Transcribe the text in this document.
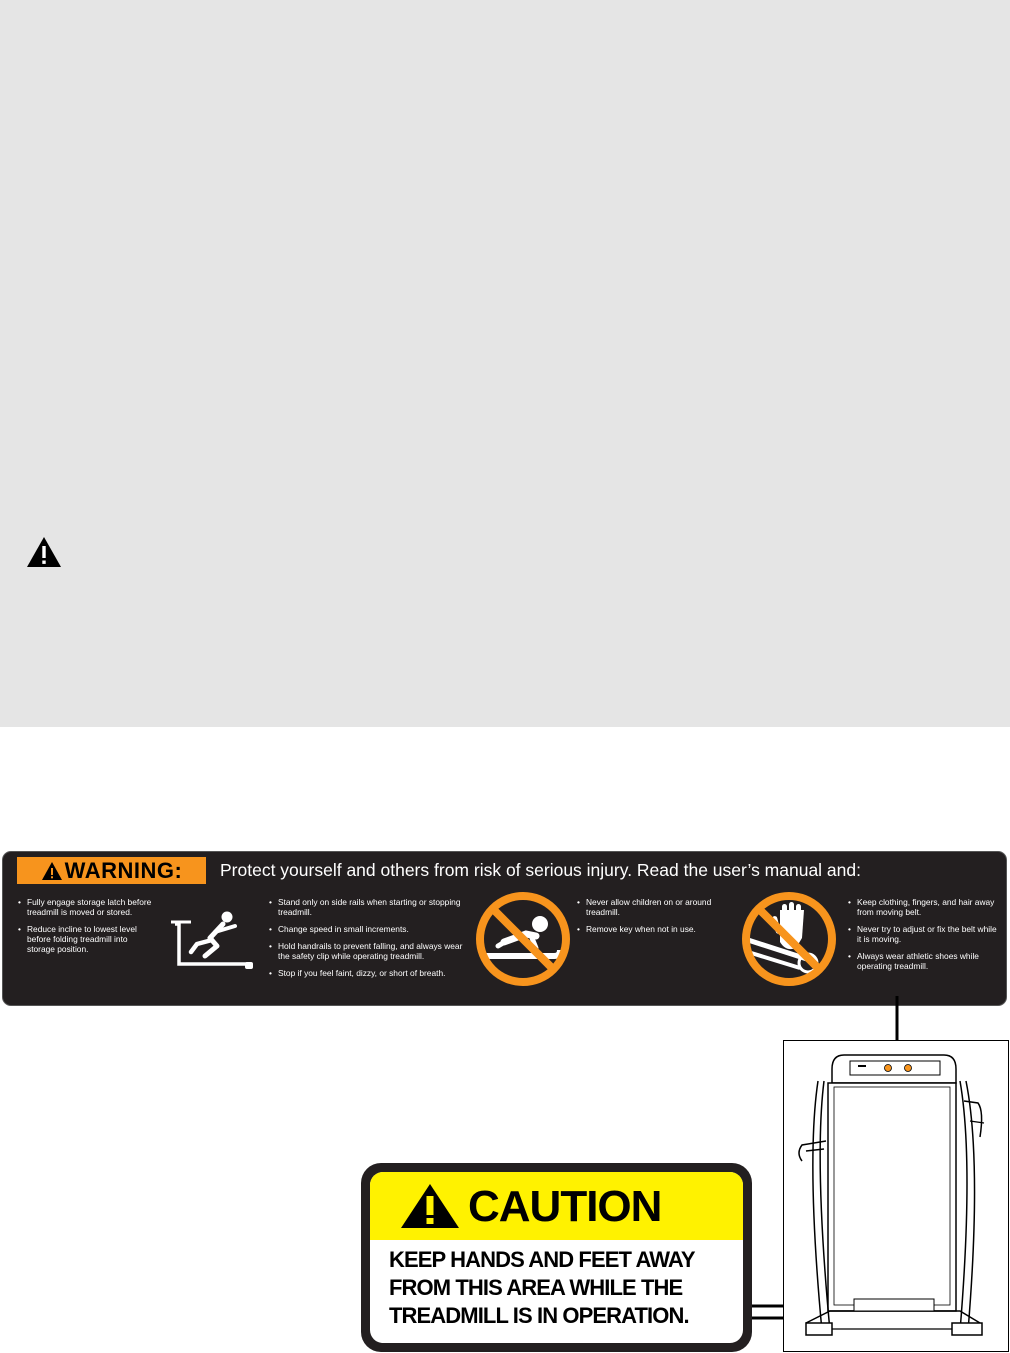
WARNING: Protect yourself and others from risk of serious injury. Read the user’s manual and:
• Fully engage storage latch before treadmill is moved or stored.
• Reduce incline to lowest level before folding treadmill into storage position.
• Stand only on side rails when starting or stopping treadmill.
• Change speed in small increments.
• Hold handrails to prevent falling, and always wear the safety clip while operating treadmill.
• Stop if you feel faint, dizzy, or short of breath.
• Never allow children on or around treadmill.
• Remove key when not in use.
• Keep clothing, fingers, and hair away from moving belt.
• Never try to adjust or fix the belt while it is moving.
• Always wear athletic shoes while operating treadmill.
CAUTION
KEEP HANDS AND FEET AWAY
FROM THIS AREA WHILE THE
TREADMILL IS IN OPERATION.
